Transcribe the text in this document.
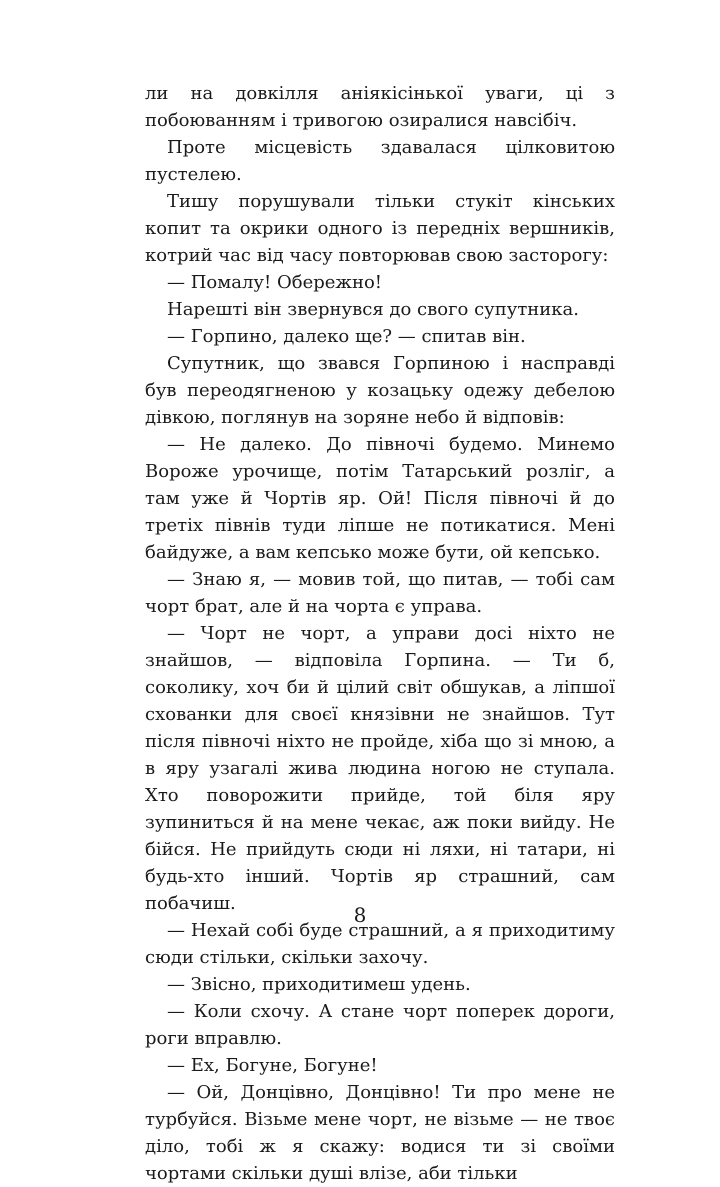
ли на довкілля аніякісінької уваги, ці з побоюванням і тривогою озиралися навсібіч.

Проте місцевість здавалася цілковитою пустелею.

Тишу порушували тільки стукіт кінських копит та окрики одного із передніх вершників, котрий час від часу повторював свою засторогу:

— Помалу! Обережно!

Нарешті він звернувся до свого супутника.

— Горпино, далеко ще? — спитав він.

Супутник, що звався Горпиною і насправді був переодягненою у козацьку одежу дебелою дівкою, поглянув на зоряне небо й відповів:

— Не далеко. До півночі будемо. Минемо Вороже урочище, потім Татарський розліг, а там уже й Чортів яр. Ой! Після півночі й до третіх півнів туди ліпше не потикатися. Мені байдуже, а вам кепсько може бути, ой кепсько.

— Знаю я, — мовив той, що питав, — тобі сам чорт брат, але й на чорта є управа.

— Чорт не чорт, а управи досі ніхто не знайшов, — відповіла Горпина. — Ти б, соколику, хоч би й цілий світ обшукав, а ліпшої схованки для своєї князівни не знайшов. Тут після півночі ніхто не пройде, хіба що зі мною, а в яру узагалі жива людина ногою не ступала. Хто поворожити прийде, той біля яру зупиниться й на мене чекає, аж поки вийду. Не бійся. Не прийдуть сюди ні ляхи, ні татари, ні будь-хто інший. Чортів яр страшний, сам побачиш.

— Нехай собі буде страшний, а я приходитиму сюди стільки, скільки захочу.

— Звісно, приходитимеш удень.

— Коли схочу. А стане чорт поперек дороги, роги вправлю.

— Ех, Богуне, Богуне!

— Ой, Донцівно, Донцівно! Ти про мене не турбуйся. Візьме мене чорт, не візьме — не твоє діло, тобі ж я скажу: водися ти зі своїми чортами скільки душі влізе, аби тільки

8
